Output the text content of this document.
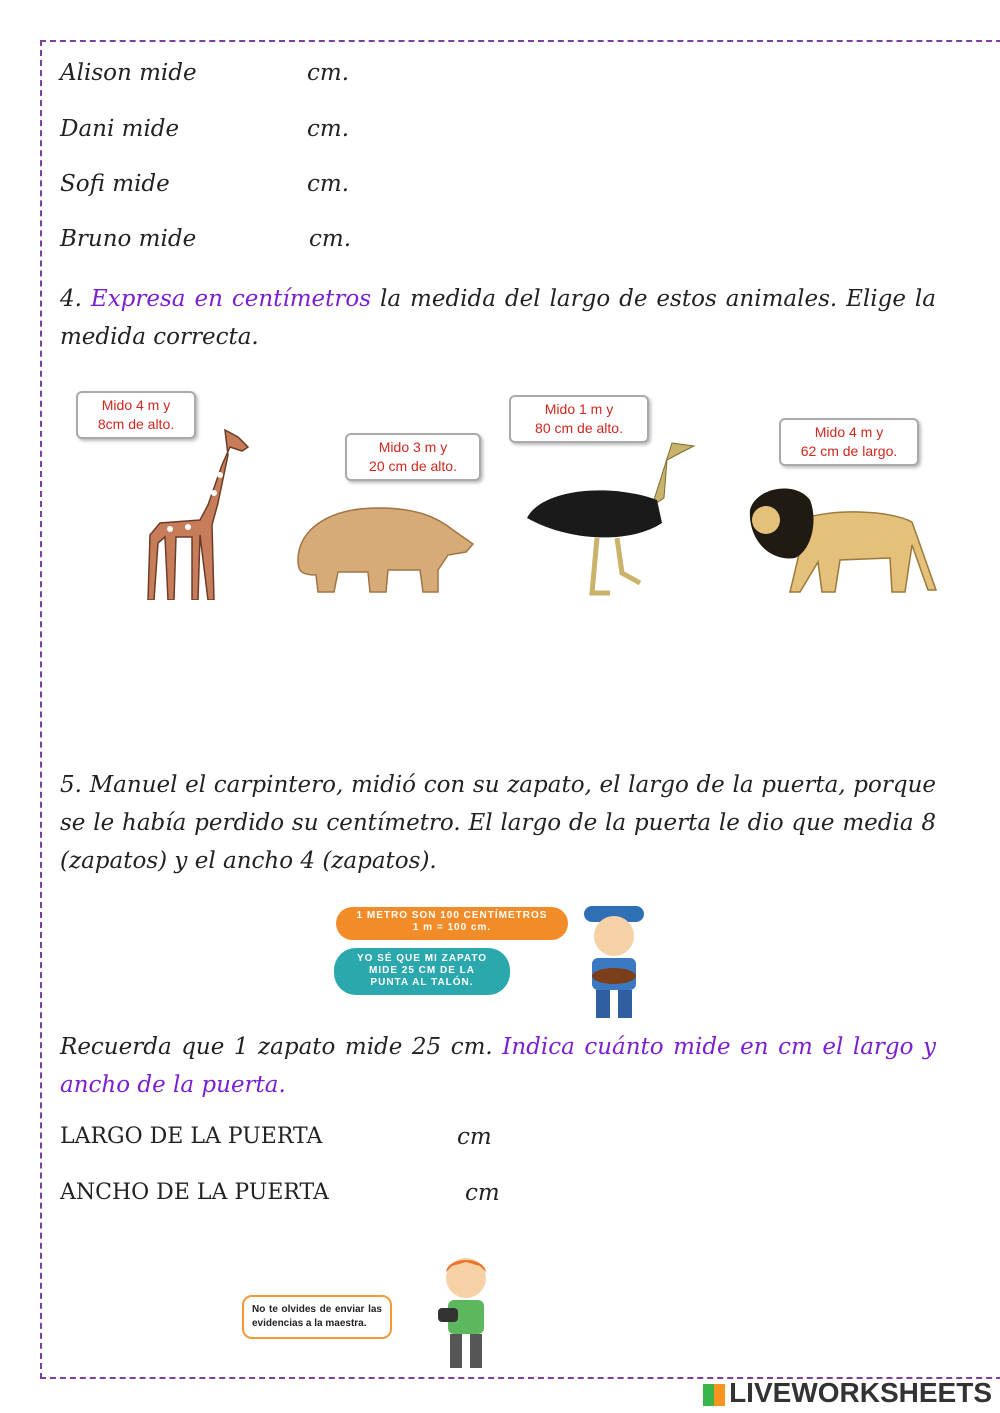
Alison mide	cm.
Dani mide	cm.
Sofi mide	cm.
Bruno mide	cm.
4. Expresa en centímetros la medida del largo de estos animales. Elige la medida correcta.
Mido 4 m y
8cm de alto.
Mido 3 m y
20 cm de alto.
Mido 1 m y
80 cm de alto.	Mido 4 m y
62 cm de largo.
5. Manuel el carpintero, midió con su zapato, el largo de la puerta, porque se le había perdido su centímetro. El largo de la puerta le dio que media 8 (zapatos) y el ancho 4 (zapatos).
1 METRO SON 100 CENTÍMETROS
1 m = 100 cm.
YO SÉ QUE MI ZAPATO
MIDE 25 CM DE LA
PUNTA AL TALÓN.
Recuerda que 1 zapato mide 25 cm. Indica cuánto mide en cm el largo y ancho de la puerta.
LARGO DE LA PUERTA	cm
ANCHO DE LA PUERTA	cm
No te olvides de enviar las evidencias a la maestra.
LIVEWORKSHEETS
